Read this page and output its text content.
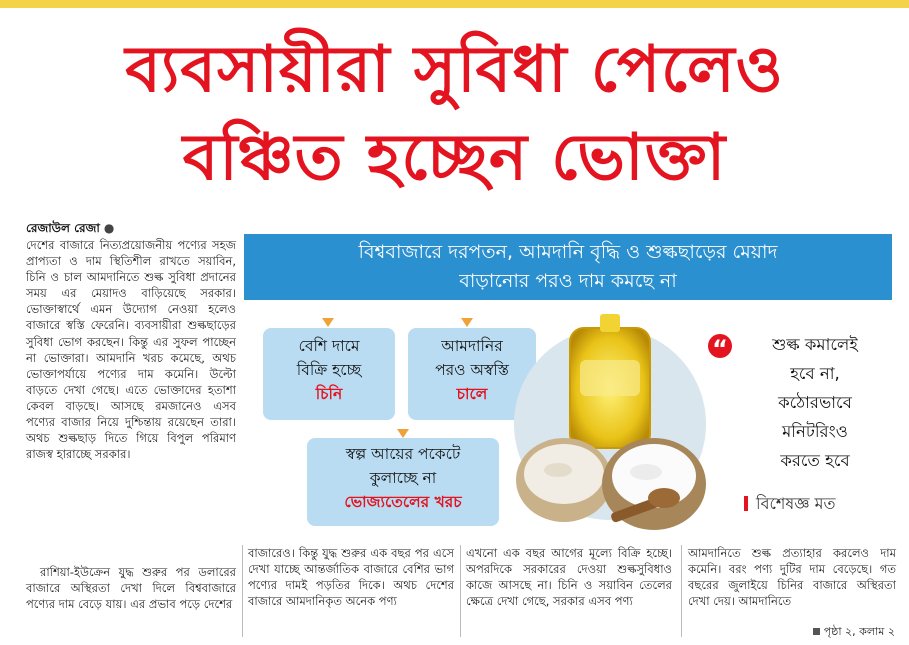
ব্যবসায়ীরা সুবিধা পেলেও
বঞ্চিত হচ্ছেন ভোক্তা
রেজাউল রেজা ●

দেশের বাজারে নিত্যপ্রয়োজনীয় পণ্যের সহজ প্রাপ্যতা ও দাম স্থিতিশীল রাখতে সয়াবিন, চিনি ও চাল আমদানিতে শুল্ক সুবিধা প্রদানের সময় এর মেয়াদও বাড়িয়েছে সরকার। ভোক্তাস্বার্থে এমন উদ্যোগ নেওয়া হলেও বাজারে স্বস্তি ফেরেনি। ব্যবসায়ীরা শুল্কছাড়ের সুবিধা ভোগ করছেন। কিন্তু এর সুফল পাচ্ছেন না ভোক্তারা। আমদানি খরচ কমেছে, অথচ ভোক্তাপর্যায়ে পণ্যের দাম কমেনি। উল্টো বাড়তে দেখা গেছে। এতে ভোক্তাদের হতাশা কেবল বাড়ছে। আসছে রমজানেও এসব পণ্যের বাজার নিয়ে দুশ্চিন্তায় রয়েছেন তারা। অথচ শুল্কছাড় দিতে গিয়ে বিপুল পরিমাণ রাজস্ব হারাচ্ছে সরকার।

রাশিয়া-ইউক্রেন যুদ্ধ শুরুর পর ডলারের বাজারে অস্থিরতা দেখা দিলে বিশ্ববাজারে পণ্যের দাম বেড়ে যায়। এর প্রভাব পড়ে দেশের

বাজারেও। কিন্তু যুদ্ধ শুরুর এক বছর পর এসে দেখা যাচ্ছে আন্তর্জাতিক বাজারে বেশির ভাগ পণ্যের দামই পড়তির দিকে। অথচ দেশের বাজারে আমদানিকৃত অনেক পণ্য
এখনো এক বছর আগের মূল্যে বিক্রি হচ্ছে। অপরদিকে সরকারের দেওয়া শুল্কসুবিধাও কাজে আসছে না। চিনি ও সয়াবিন তেলের ক্ষেত্রে দেখা গেছে, সরকার এসব পণ্য
আমদানিতে শুল্ক প্রত্যাহার করলেও দাম কমেনি। বরং পণ্য দুটির দাম বেড়েছে। গত বছরের জুলাইয়ে চিনির বাজারে অস্থিরতা দেখা দেয়। আমদানিতে
বিশ্ববাজারে দরপতন, আমদানি বৃদ্ধি ও শুল্কছাড়ের মেয়াদ
বাড়ানোর পরও দাম কমছে না
বেশি দামে
বিক্রি হচ্ছে
চিনি
আমদানির
পরও অস্বস্তি
চালে
স্বল্প আয়ের পকেটে
কুলাচ্ছে না
ভোজ্যতেলের খরচ
“	শুল্ক কমালেই
হবে না,
কঠোরভাবে
মনিটরিংও
করতে হবে
বিশেষজ্ঞ মত
পৃষ্ঠা ২, কলাম ২
